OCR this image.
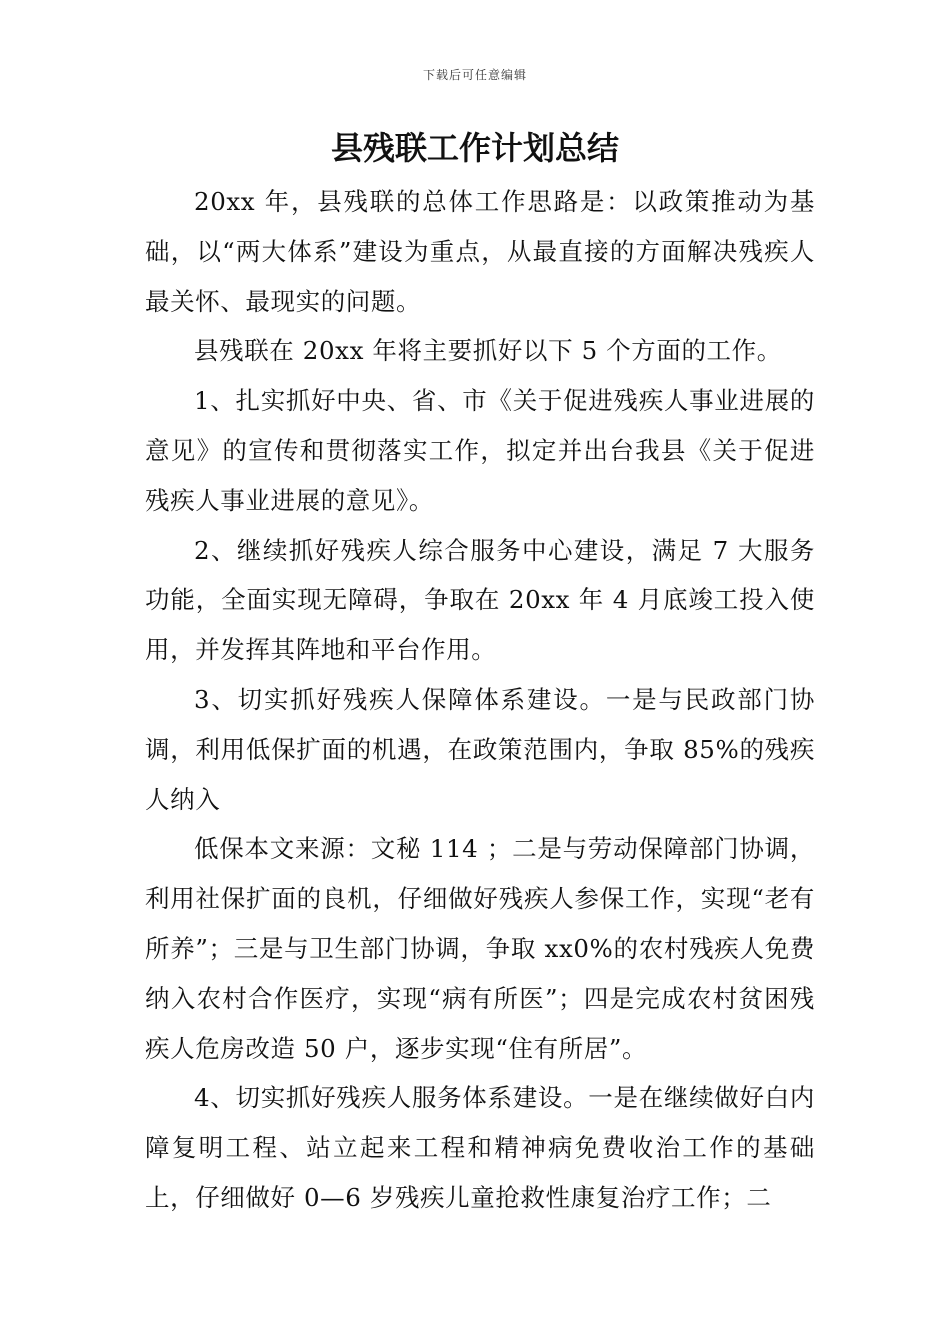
下载后可任意编辑
县残联工作计划总结

20xx 年，县残联的总体工作思路是：以政策推动为基础，以“两大体系”建设为重点，从最直接的方面解决残疾人最关怀、最现实的问题。

县残联在 20xx 年将主要抓好以下 5 个方面的工作。

1、扎实抓好中央、省、市《关于促进残疾人事业进展的意见》的宣传和贯彻落实工作，拟定并出台我县《关于促进残疾人事业进展的意见》。

2、继续抓好残疾人综合服务中心建设，满足 7 大服务功能，全面实现无障碍，争取在 20xx 年 4 月底竣工投入使用，并发挥其阵地和平台作用。

3、切实抓好残疾人保障体系建设。一是与民政部门协调，利用低保扩面的机遇，在政策范围内，争取 85%的残疾人纳入

低保本文来源：文秘 114 ；二是与劳动保障部门协调，利用社保扩面的良机，仔细做好残疾人参保工作，实现“老有所养”；三是与卫生部门协调，争取 xx0%的农村残疾人免费纳入农村合作医疗，实现“病有所医”；四是完成农村贫困残疾人危房改造 50 户，逐步实现“住有所居”。

4、切实抓好残疾人服务体系建设。一是在继续做好白内障复明工程、站立起来工程和精神病免费收治工作的基础上，仔细做好 0—6 岁残疾儿童抢救性康复治疗工作；二
